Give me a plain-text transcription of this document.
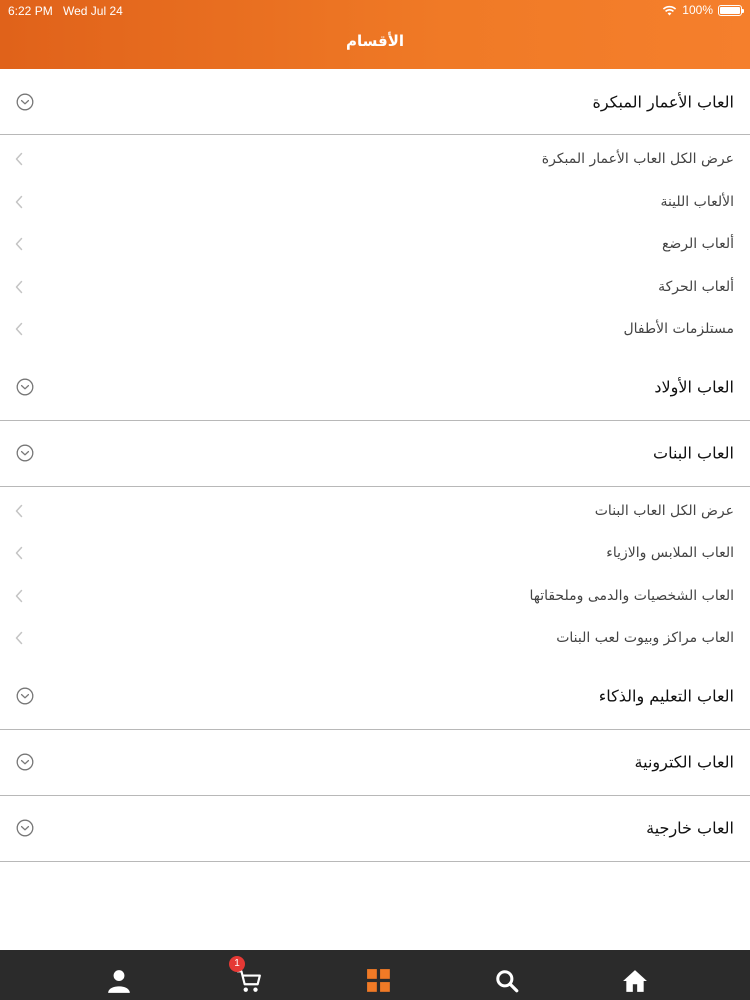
6:22 PM Wed Jul 24	100%
الأقسام
العاب الأعمار المبكرة
عرض الكل العاب الأعمار المبكرة
الألعاب اللينة
ألعاب الرضع
ألعاب الحركة
مستلزمات الأطفال
العاب الأولاد
العاب البنات
عرض الكل العاب البنات
العاب الملابس والازياء
العاب الشخصيات والدمى وملحقاتها
العاب مراكز وبيوت لعب البنات
العاب التعليم والذكاء
العاب الكترونية
العاب خارجية
1
